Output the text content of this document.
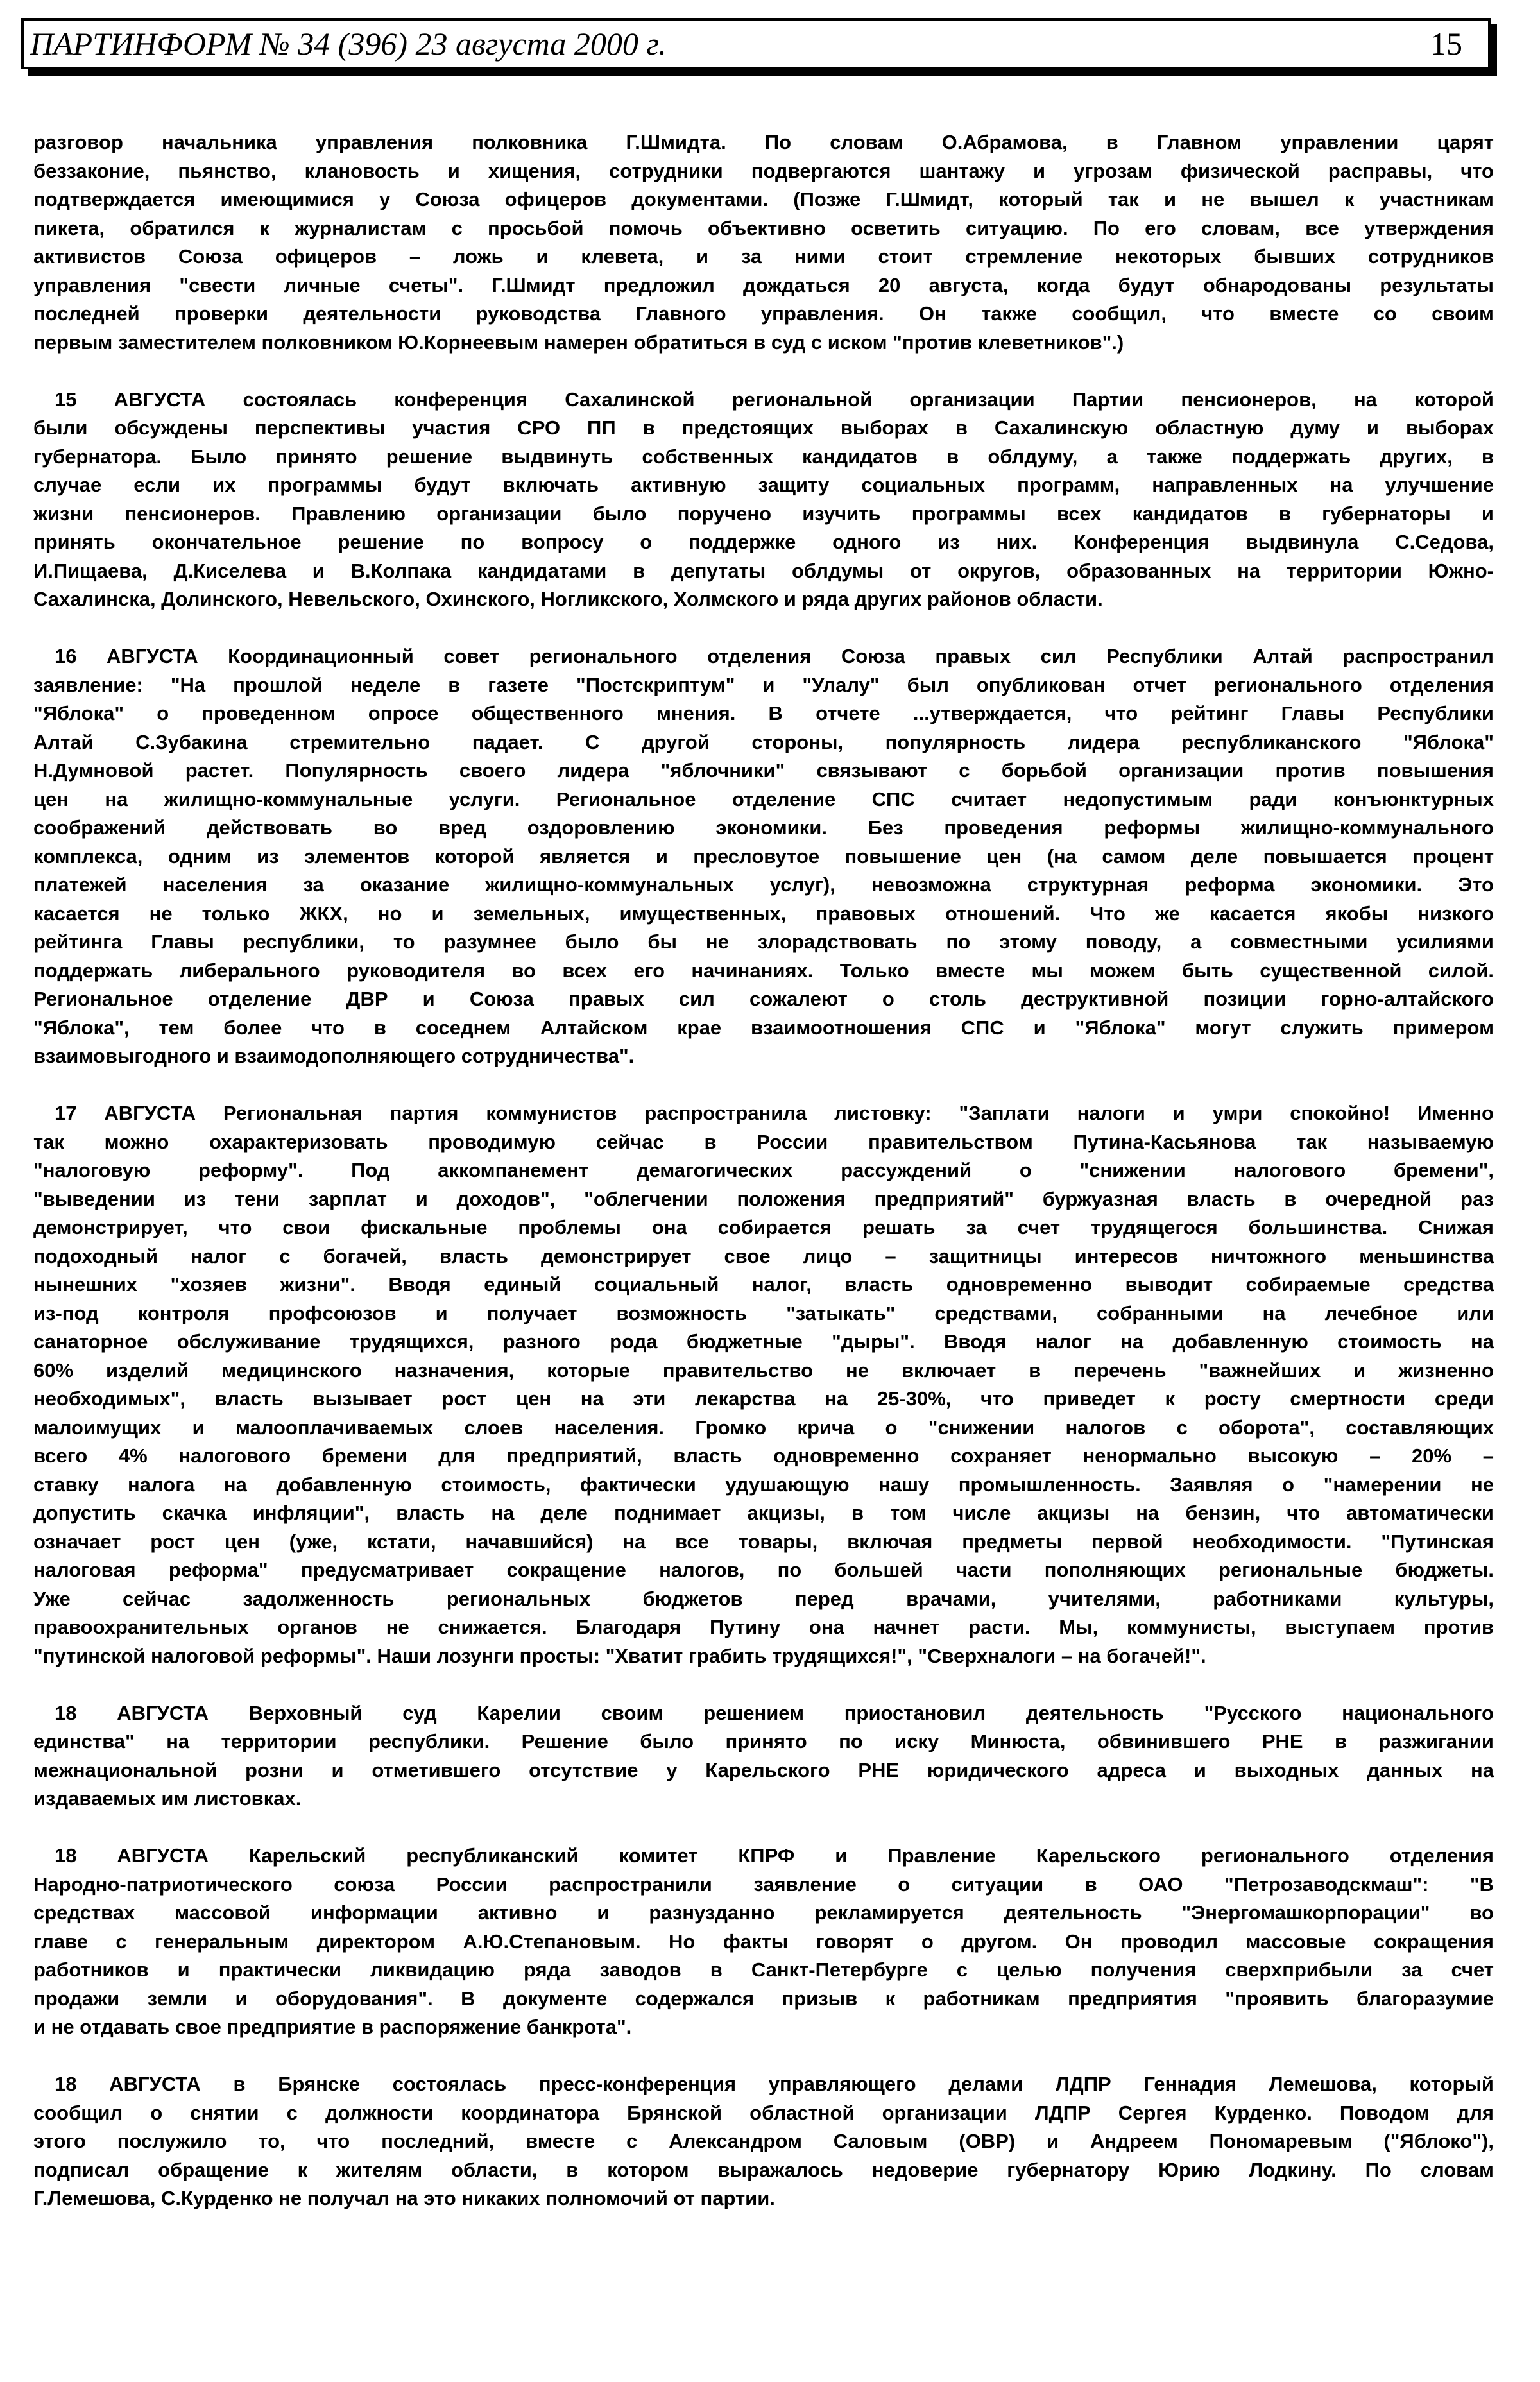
ПАРТИНФОРМ № 34 (396) 23 августа 2000 г.	15
разговор начальника управления полковника Г.Шмидта. По словам О.Абрамова, в Главном управлении царят
беззаконие, пьянство, клановость и хищения, сотрудники подвергаются шантажу и угрозам физической расправы, что
подтверждается имеющимися у Союза офицеров документами. (Позже Г.Шмидт, который так и не вышел к участникам
пикета, обратился к журналистам с просьбой помочь объективно осветить ситуацию. По его словам, все утверждения
активистов Союза офицеров – ложь и клевета, и за ними стоит стремление некоторых бывших сотрудников
управления "свести личные счеты". Г.Шмидт предложил дождаться 20 августа, когда будут обнародованы результаты
последней проверки деятельности руководства Главного управления. Он также сообщил, что вместе со своим
первым заместителем полковником Ю.Корнеевым намерен обратиться в суд с иском "против клеветников".)
15 АВГУСТА состоялась конференция Сахалинской региональной организации Партии пенсионеров, на которой
были обсуждены перспективы участия СРО ПП в предстоящих выборах в Сахалинскую областную думу и выборах
губернатора. Было принято решение выдвинуть собственных кандидатов в облдуму, а также поддержать других, в
случае если их программы будут включать активную защиту социальных программ, направленных на улучшение
жизни пенсионеров. Правлению организации было поручено изучить программы всех кандидатов в губернаторы и
принять окончательное решение по вопросу о поддержке одного из них. Конференция выдвинула С.Седова,
И.Пищаева, Д.Киселева и В.Колпака кандидатами в депутаты облдумы от округов, образованных на территории Южно-
Сахалинска, Долинского, Невельского, Охинского, Ногликского, Холмского и ряда других районов области.
16 АВГУСТА Координационный совет регионального отделения Союза правых сил Республики Алтай распространил
заявление: "На прошлой неделе в газете "Постскриптум" и "Улалу" был опубликован отчет регионального отделения
"Яблока" о проведенном опросе общественного мнения. В отчете ...утверждается, что рейтинг Главы Республики
Алтай С.Зубакина стремительно падает. С другой стороны, популярность лидера республиканского "Яблока"
Н.Думновой растет. Популярность своего лидера "яблочники" связывают с борьбой организации против повышения
цен на жилищно-коммунальные услуги. Региональное отделение СПС считает недопустимым ради конъюнктурных
соображений действовать во вред оздоровлению экономики. Без проведения реформы жилищно-коммунального
комплекса, одним из элементов которой является и пресловутое повышение цен (на самом деле повышается процент
платежей населения за оказание жилищно-коммунальных услуг), невозможна структурная реформа экономики. Это
касается не только ЖКХ, но и земельных, имущественных, правовых отношений. Что же касается якобы низкого
рейтинга Главы республики, то разумнее было бы не злорадствовать по этому поводу, а совместными усилиями
поддержать либерального руководителя во всех его начинаниях. Только вместе мы можем быть существенной силой.
Региональное отделение ДВР и Союза правых сил сожалеют о столь деструктивной позиции горно-алтайского
"Яблока", тем более что в соседнем Алтайском крае взаимоотношения СПС и "Яблока" могут служить примером
взаимовыгодного и взаимодополняющего сотрудничества".
17 АВГУСТА Региональная партия коммунистов распространила листовку: "Заплати налоги и умри спокойно! Именно
так можно охарактеризовать проводимую сейчас в России правительством Путина-Касьянова так называемую
"налоговую реформу". Под аккомпанемент демагогических рассуждений о "снижении налогового бремени",
"выведении из тени зарплат и доходов", "облегчении положения предприятий" буржуазная власть в очередной раз
демонстрирует, что свои фискальные проблемы она собирается решать за счет трудящегося большинства. Снижая
подоходный налог с богачей, власть демонстрирует свое лицо – защитницы интересов ничтожного меньшинства
нынешних "хозяев жизни". Вводя единый социальный налог, власть одновременно выводит собираемые средства
из-под контроля профсоюзов и получает возможность "затыкать" средствами, собранными на лечебное или
санаторное обслуживание трудящихся, разного рода бюджетные "дыры". Вводя налог на добавленную стоимость на
60% изделий медицинского назначения, которые правительство не включает в перечень "важнейших и жизненно
необходимых", власть вызывает рост цен на эти лекарства на 25-30%, что приведет к росту смертности среди
малоимущих и малооплачиваемых слоев населения. Громко крича о "снижении налогов с оборота", составляющих
всего 4% налогового бремени для предприятий, власть одновременно сохраняет ненормально высокую – 20% –
ставку налога на добавленную стоимость, фактически удушающую нашу промышленность. Заявляя о "намерении не
допустить скачка инфляции", власть на деле поднимает акцизы, в том числе акцизы на бензин, что автоматически
означает рост цен (уже, кстати, начавшийся) на все товары, включая предметы первой необходимости. "Путинская
налоговая реформа" предусматривает сокращение налогов, по большей части пополняющих региональные бюджеты.
Уже сейчас задолженность региональных бюджетов перед врачами, учителями, работниками культуры,
правоохранительных органов не снижается. Благодаря Путину она начнет расти. Мы, коммунисты, выступаем против
"путинской налоговой реформы". Наши лозунги просты: "Хватит грабить трудящихся!", "Сверхналоги – на богачей!".
18 АВГУСТА Верховный суд Карелии своим решением приостановил деятельность "Русского национального
единства" на территории республики. Решение было принято по иску Минюста, обвинившего РНЕ в разжигании
межнациональной розни и отметившего отсутствие у Карельского РНЕ юридического адреса и выходных данных на
издаваемых им листовках.
18 АВГУСТА Карельский республиканский комитет КПРФ и Правление Карельского регионального отделения
Народно-патриотического союза России распространили заявление о ситуации в ОАО "Петрозаводскмаш": "В
средствах массовой информации активно и разнузданно рекламируется деятельность "Энергомашкорпорации" во
главе с генеральным директором А.Ю.Степановым. Но факты говорят о другом. Он проводил массовые сокращения
работников и практически ликвидацию ряда заводов в Санкт-Петербурге с целью получения сверхприбыли за счет
продажи земли и оборудования". В документе содержался призыв к работникам предприятия "проявить благоразумие
и не отдавать свое предприятие в распоряжение банкрота".
18 АВГУСТА в Брянске состоялась пресс-конференция управляющего делами ЛДПР Геннадия Лемешова, который
сообщил о снятии с должности координатора Брянской областной организации ЛДПР Сергея Курденко. Поводом для
этого послужило то, что последний, вместе с Александром Саловым (ОВР) и Андреем Пономаревым ("Яблоко"),
подписал обращение к жителям области, в котором выражалось недоверие губернатору Юрию Лодкину. По словам
Г.Лемешова, С.Курденко не получал на это никаких полномочий от партии.
